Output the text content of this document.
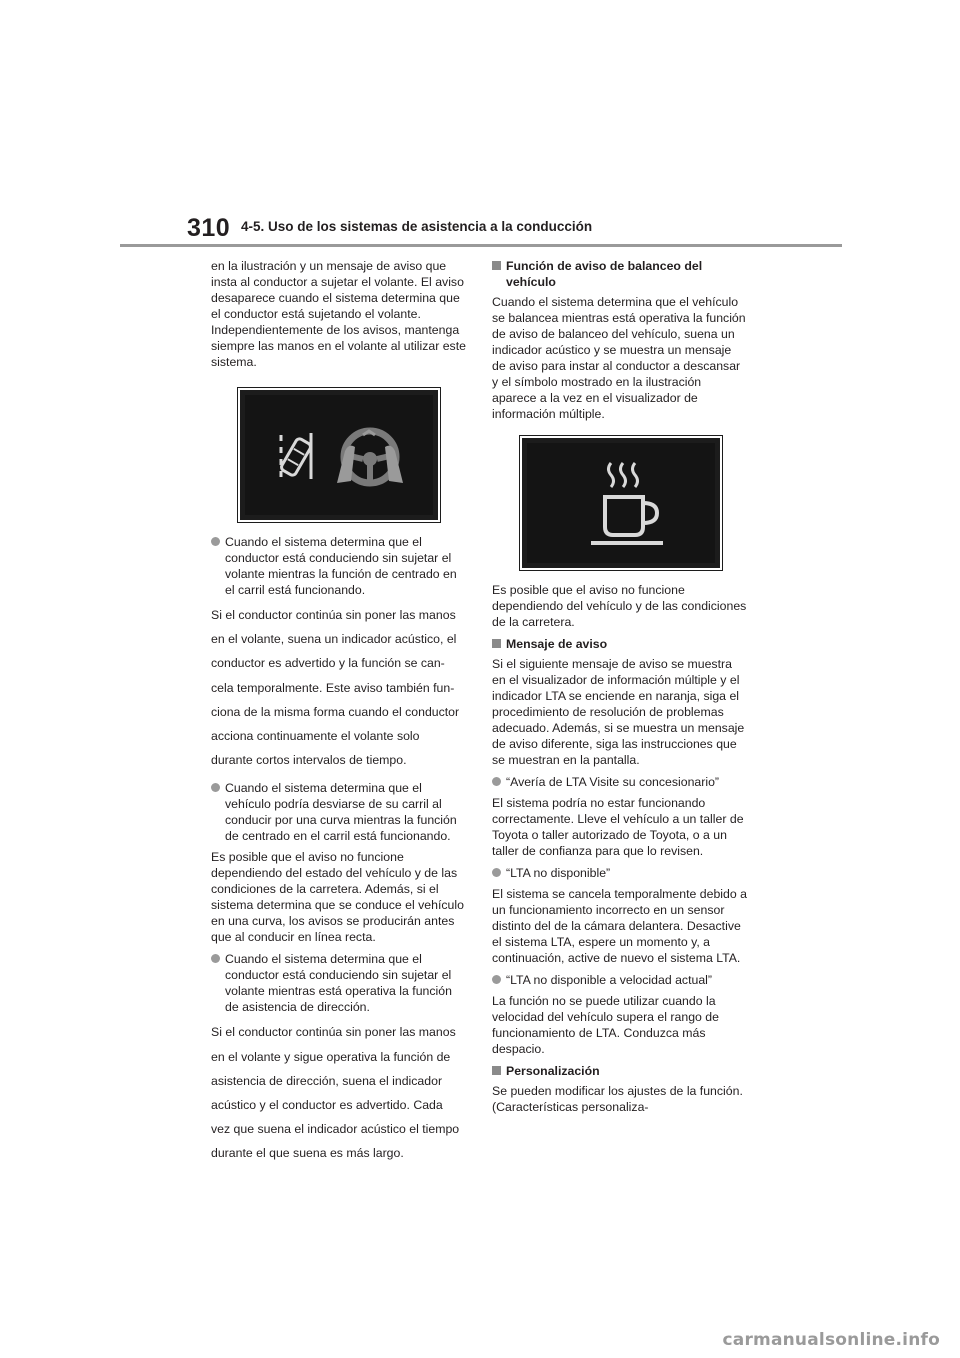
310 4-5. Uso de los sistemas de asistencia a la conducción

en la ilustración y un mensaje de aviso que insta al conductor a sujetar el volante. El aviso desaparece cuando el sistema determina que el conductor está sujetando el volante. Independientemente de los avisos, mantenga siempre las manos en el volante al utilizar este sistema.

Cuando el sistema determina que el conductor está conduciendo sin sujetar el volante mientras la función de centrado en el carril está funcionando.

Si el conductor continúa sin poner las manos

en el volante, suena un indicador acústico, el

conductor es advertido y la función se can-

cela temporalmente. Este aviso también fun-

ciona de la misma forma cuando el conductor

acciona continuamente el volante solo

durante cortos intervalos de tiempo.

Cuando el sistema determina que el vehículo podría desviarse de su carril al conducir por una curva mientras la función de centrado en el carril está funcionando.

Es posible que el aviso no funcione dependiendo del estado del vehículo y de las condiciones de la carretera. Además, si el sistema determina que se conduce el vehículo en una curva, los avisos se producirán antes que al conducir en línea recta.

Cuando el sistema determina que el conductor está conduciendo sin sujetar el volante mientras está operativa la función de asistencia de dirección.

Si el conductor continúa sin poner las manos

en el volante y sigue operativa la función de

asistencia de dirección, suena el indicador

acústico y el conductor es advertido. Cada

vez que suena el indicador acústico el tiempo

durante el que suena es más largo.

Función de aviso de balanceo del vehículo

Cuando el sistema determina que el vehículo se balancea mientras está operativa la función de aviso de balanceo del vehículo, suena un indicador acústico y se muestra un mensaje de aviso para instar al conductor a descansar y el símbolo mostrado en la ilustración aparece a la vez en el visualizador de información múltiple.

Es posible que el aviso no funcione dependiendo del vehículo y de las condiciones de la carretera.

Mensaje de aviso

Si el siguiente mensaje de aviso se muestra en el visualizador de información múltiple y el indicador LTA se enciende en naranja, siga el procedimiento de resolución de problemas adecuado. Además, si se muestra un mensaje de aviso diferente, siga las instrucciones que se muestran en la pantalla.

“Avería de LTA Visite su concesionario”

El sistema podría no estar funcionando correctamente. Lleve el vehículo a un taller de Toyota o taller autorizado de Toyota, o a un taller de confianza para que lo revisen.

“LTA no disponible”

El sistema se cancela temporalmente debido a un funcionamiento incorrecto en un sensor distinto del de la cámara delantera. Desactive el sistema LTA, espere un momento y, a continuación, active de nuevo el sistema LTA.

“LTA no disponible a velocidad actual”

La función no se puede utilizar cuando la velocidad del vehículo supera el rango de funcionamiento de LTA. Conduzca más despacio.

Personalización

Se pueden modificar los ajustes de la función. (Características personaliza-

carmanualsonline.info
